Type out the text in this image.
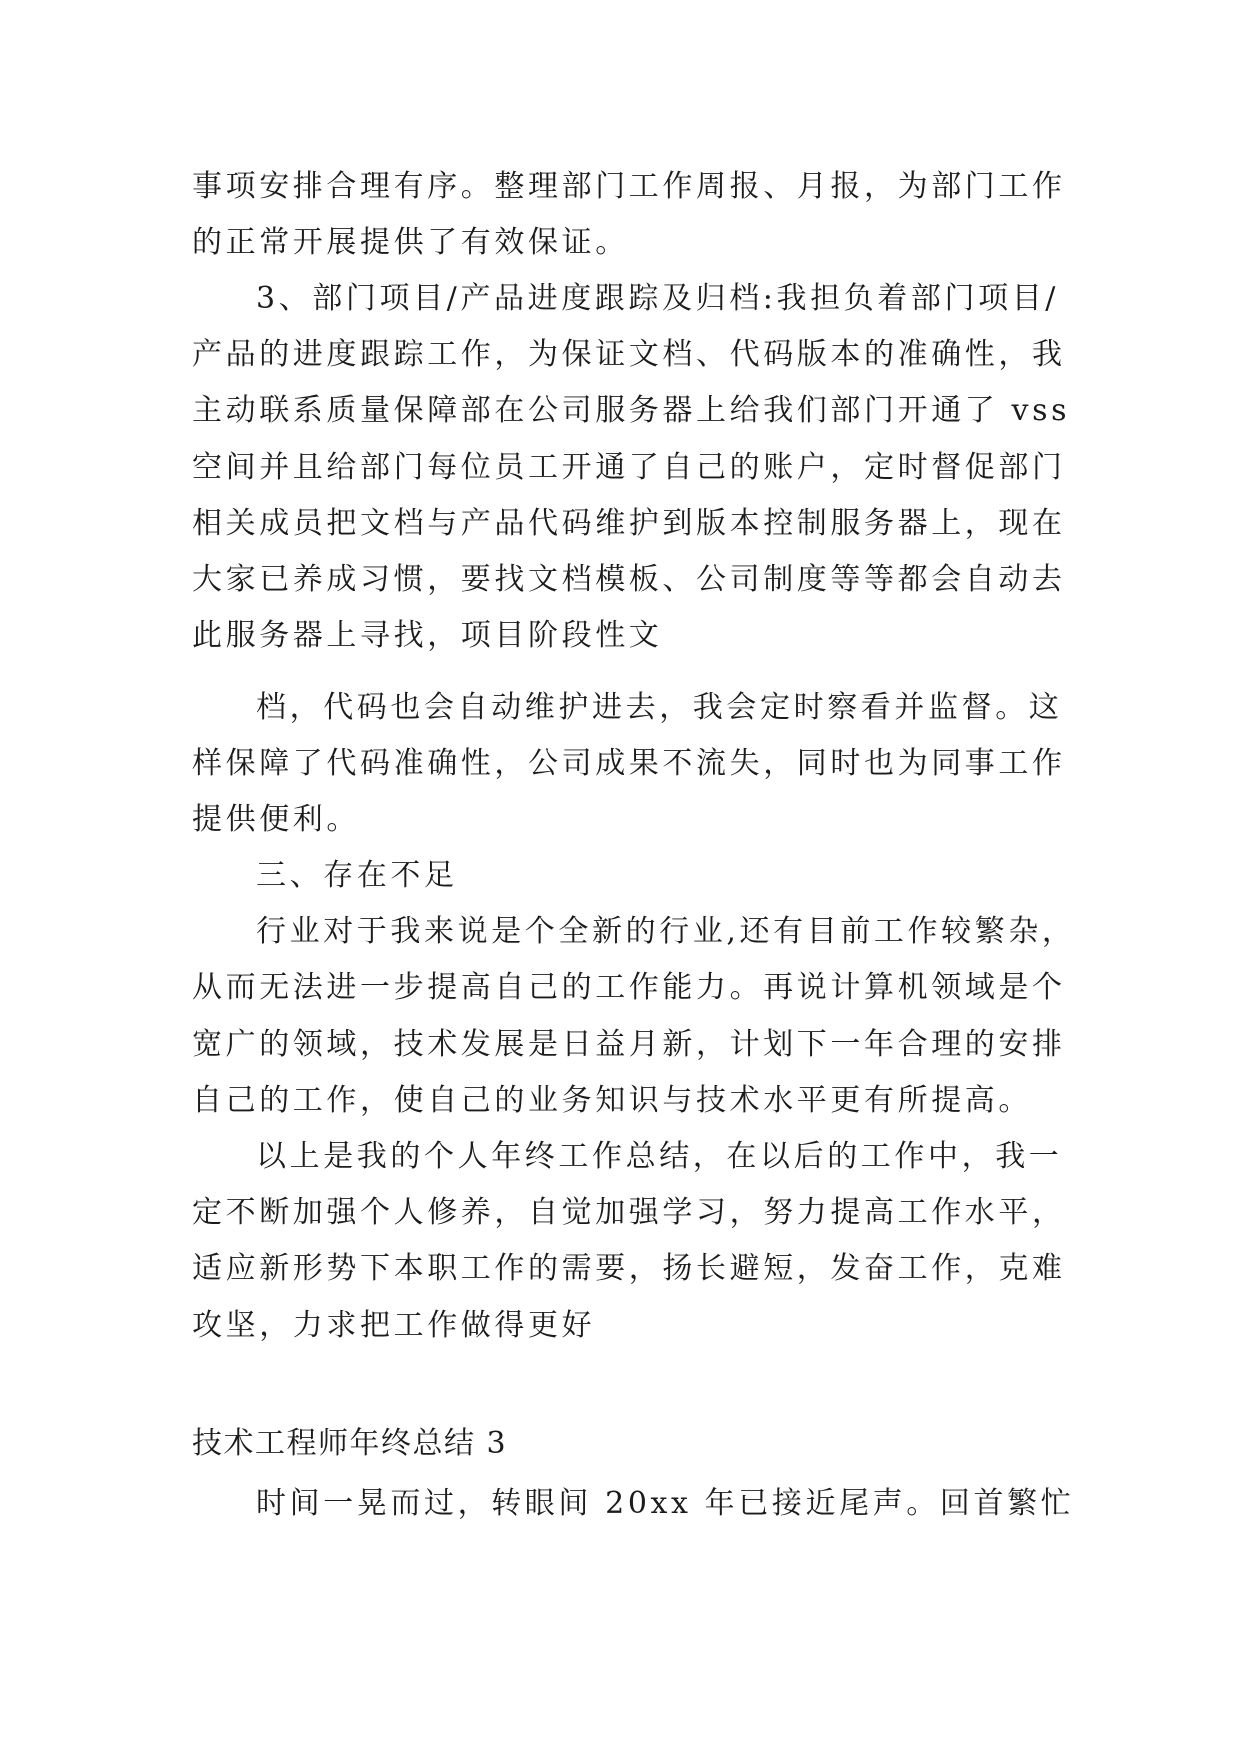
事项安排合理有序。整理部门工作周报、月报，为部门工作

的正常开展提供了有效保证。

3、部门项目/产品进度跟踪及归档:我担负着部门项目/

产品的进度跟踪工作，为保证文档、代码版本的准确性，我

主动联系质量保障部在公司服务器上给我们部门开通了 vss

空间并且给部门每位员工开通了自己的账户，定时督促部门

相关成员把文档与产品代码维护到版本控制服务器上，现在

大家已养成习惯，要找文档模板、公司制度等等都会自动去

此服务器上寻找，项目阶段性文

档，代码也会自动维护进去，我会定时察看并监督。这

样保障了代码准确性，公司成果不流失，同时也为同事工作

提供便利。

三、存在不足

行业对于我来说是个全新的行业,还有目前工作较繁杂，

从而无法进一步提高自己的工作能力。再说计算机领域是个

宽广的领域，技术发展是日益月新，计划下一年合理的安排

自己的工作，使自己的业务知识与技术水平更有所提高。

以上是我的个人年终工作总结，在以后的工作中，我一

定不断加强个人修养，自觉加强学习，努力提高工作水平，

适应新形势下本职工作的需要，扬长避短，发奋工作，克难

攻坚，力求把工作做得更好

技术工程师年终总结 3

时间一晃而过，转眼间 20xx 年已接近尾声。回首繁忙
